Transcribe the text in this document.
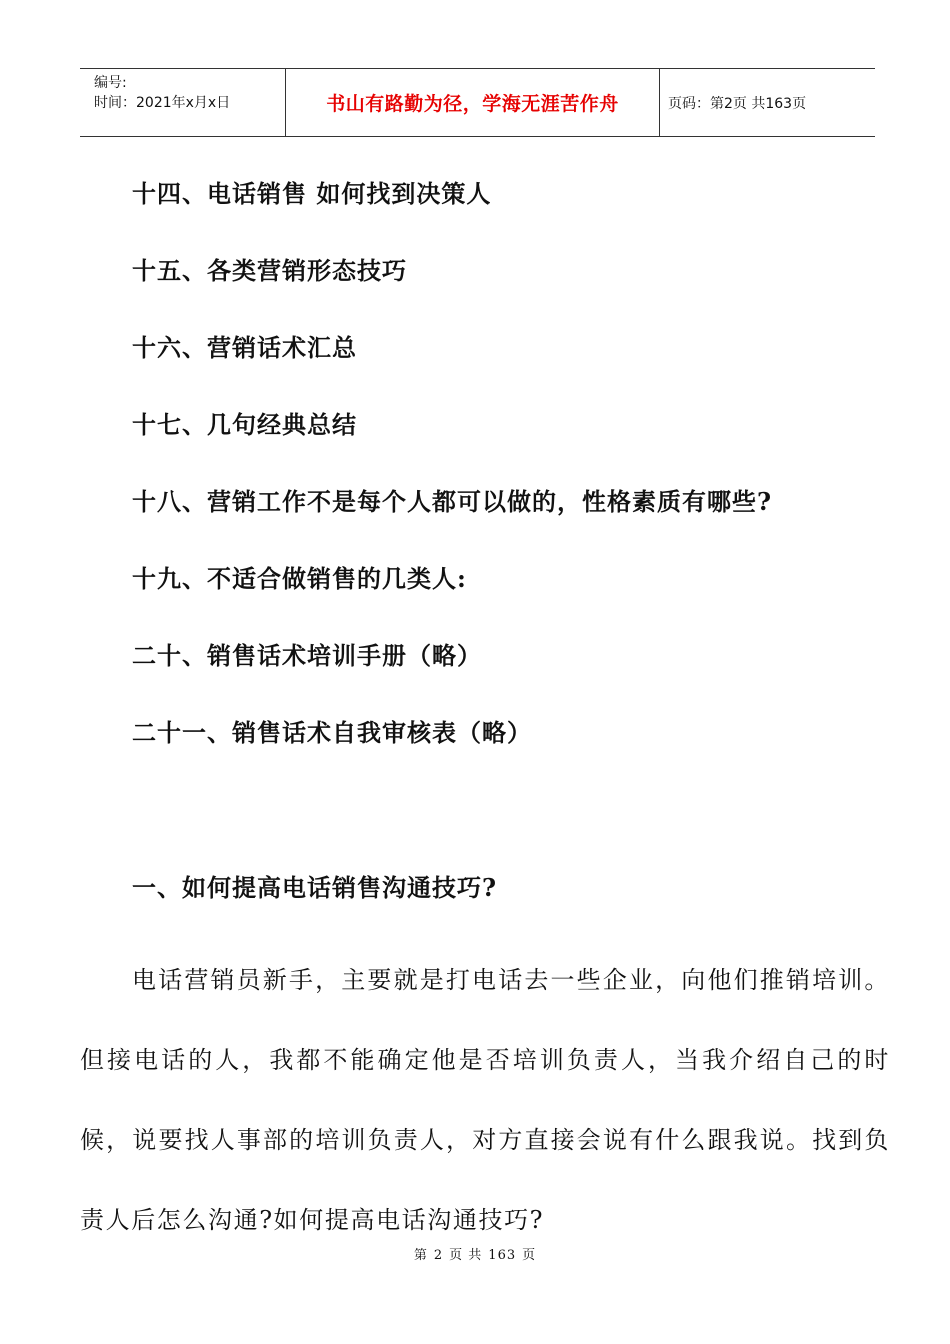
编号:
时间：2021年x月x日	书山有路勤为径，学海无涯苦作舟	页码：第2页 共163页
十四、电话销售 如何找到决策人
十五、各类营销形态技巧
十六、营销话术汇总
十七、几句经典总结
十八、营销工作不是每个人都可以做的，性格素质有哪些?
十九、不适合做销售的几类人:
二十、销售话术培训手册（略）
二十一、销售话术自我审核表（略）
一、如何提高电话销售沟通技巧?
电话营销员新手，主要就是打电话去一些企业，向他们推销培训。但接电话的人，我都不能确定他是否培训负责人，当我介绍自己的时候，说要找人事部的培训负责人，对方直接会说有什么跟我说。找到负责人后怎么沟通?如何提高电话沟通技巧?
第 2 页 共 163 页
